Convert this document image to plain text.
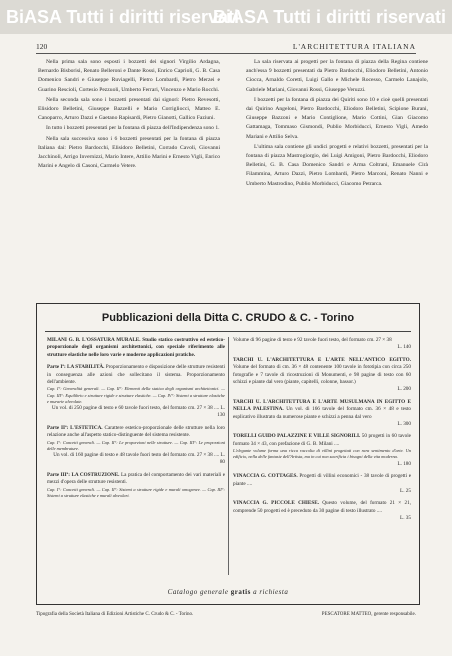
BiASA Tutti i diritti riservati
BiASA Tutti i diritti riservati
120	L'ARCHITETTURA ITALIANA

Nella prima sala sono esposti i bozzetti dei signori Virgilio Ardagna, Bernardo Bisborisi, Renato Belleroni e Dante Rossi, Enrico Caprioli, G. B. Casa Domenico Sandri e Giuseppe Ruviagelli, Pietro Lombardi, Pietro Merzei e Guarino Rescioli, Cortesio Pezzuoli, Umberto Ferrari, Vincenzo e Mario Rocchi.

Nella seconda sala sono i bozzetti presentati dai signori: Pietro Revesotti, Elisidoro Belletini, Giuseppe Bazzelli e Mario Corrigliocci, Matteo E. Canoparro, Arturo Dazzi e Gaetano Rapisardi, Pietro Gianotti, Gallico Faziuni.

In tutto i bozzetti presentati per la fontana di piazza dell'Indipendenza sono 1.

Nella sala successiva sono i 6 bozzetti presentati per la fontana di piazza Italiana dai: Pietro Bardocchi, Elisidoro Belletini, Corrado Cavoli, Giovanni Jacchinoli, Arrigo Invernizzi, Mario Intere, Attilio Marini e Ernesto Vigli, Enrico Marini e Angelo di Casoni, Carmelo Vetere.

La sala riservata ai progetti per la fontana di piazza della Regina contiene anch'essa 9 bozzetti presentati da Pietro Bardocchi, Eliodoro Belletini, Antonio Ciocca, Arnaldo Coretti, Luigi Gallo e Michele Rocesso, Carmelo Lanajolo, Gabriele Mariani, Giovanni Rossi, Giuseppe Veruzzi.

I bozzetti per la fontana di piazza dei Quiriti sono 10 e cioè quelli presentati dai Quirino Angeloni, Pietro Bardocchi, Eliodoro Belletini, Scipione Burani, Giuseppe Bazzoni e Mario Contiglione, Mario Cottini, Gian Giacomo Gattamaga, Tommaso Gismondi, Publio Morbiducci, Ernesto Vigli, Amedo Mariani e Attilio Selva.

L'ultima sala contiene gli undici progetti e relativi bozzetti, presentati per la fontana di piazza Mastrogiorgio, dei Luigi Amigoni, Pietro Bardocchi, Eliodoro Belletini, G. B. Casa Domenico Sandri e Arma Coltrani, Emanuele Cirà Filammina, Arturo Dazzi, Pietro Lombardi, Pietro Marconi, Renato Nanni e Umberto Mastrodino, Publio Morbiducci, Giacomo Petrarca.

Pubblicazioni della Ditta C. CRUDO & C. - Torino
MILANI G. B. L'OSSATURA MURALE. Studio statico costruttivo ed estetico-proporzionale degli organismi architettonici, con speciale riferimento alle strutture elastiche nelle loro varie e moderne applicazioni pratiche.
Parte Iª: LA STABILITÀ. Proporzionamento e disposizione delle strutture resistenti in conseguenza alle azioni che sollecitano il sistema. Proporzionamento dell'ambiente.
Cap. I°: Generalità generali. — Cap. II°: Elementi della statica degli organismi architettonici. — Cap. III°: Equilibrio e strutture rigide e strutture elastiche. — Cap. IV°: Sistemi a strutture elastiche e murarie alveolate.
Un vol. di 250 pagine di testo e 60 tavole fuori testo, del formato cm. 27 × 38 .... L. 130
Parte IIª: L'ESTETICA. Carattere estetico-proporzionale delle strutture nella loro relazione anche all'aspetto statico-distinguente del sistema resistente.
Cap. I°: Concetti generali. — Cap. II°: Le proporzioni nelle strutture. — Cap. III°: Le proporzioni delle membrature.
Un vol. di 160 pagine di testo e 48 tavole fuori testo del formato cm. 27 × 38 .... L. 80
Parte IIIª: LA COSTRUZIONE. La pratica del comportamento dei vari materiali e mezzi d'opera delle strutture resistenti.
Cap. I°: Concetti generali. — Cap. II°: Sistemi a strutture rigide e murali omogenee. — Cap. III°: Sistemi a strutture elastiche e murali alveolari.
Volume di 96 pagine di testo e 92 tavole fuori testo, del formato cm. 27 × 38
L. 140
TARCHI U. L'ARCHITETTURA E L'ARTE NELL'ANTICO EGITTO. Volume del formato di cm. 36 × 48 contenente 100 tavole in fototipia con circa 250 fotografie e 7 tavole di ricostruzioni di Monumenti, e 98 pagine di testo con 60 schizzi e piante dal vero (piante, capitelli, colonne, bassor.)
L. 200
TARCHI U. L'ARCHITETTURA E L'ARTE MUSULMANA IN EGITTO E NELLA PALESTINA. Un vol. di 166 tavole del formato cm. 36 × 48 e testo esplicativo illustrato da numerose piante e schizzi a penna dal vero
L. 300
TORELLI GUIDO PALAZZINE E VILLE SIGNORILI. 50 progetti in 60 tavole formato 34 × 43, con prefazione di G. B. Milani ....
L'elegante volume forma una ricca raccolta di villini progettati con rara sentimento d'arte. Un edificio, nella delle fantasie dell'Artista, ma in cui non sacrificia i bisogni della vita moderna.
L. 180
VINACCIA G. COTTAGES. Progetti di villini economici - 38 tavole di progetti e piante ....
L. 25
VINACCIA G. PICCOLE CHIESE. Questo volume, del formato 21 × 21, comprende 50 progetti ed è preceduto da 30 pagine di testo illustrato ....
L. 35
Catalogo generale gratis a richiesta
Tipografia della Società Italiana di Edizioni Artistiche C. Crudo & C. - Torino.	PESCATORE MATTEO, gerente responsabile.
